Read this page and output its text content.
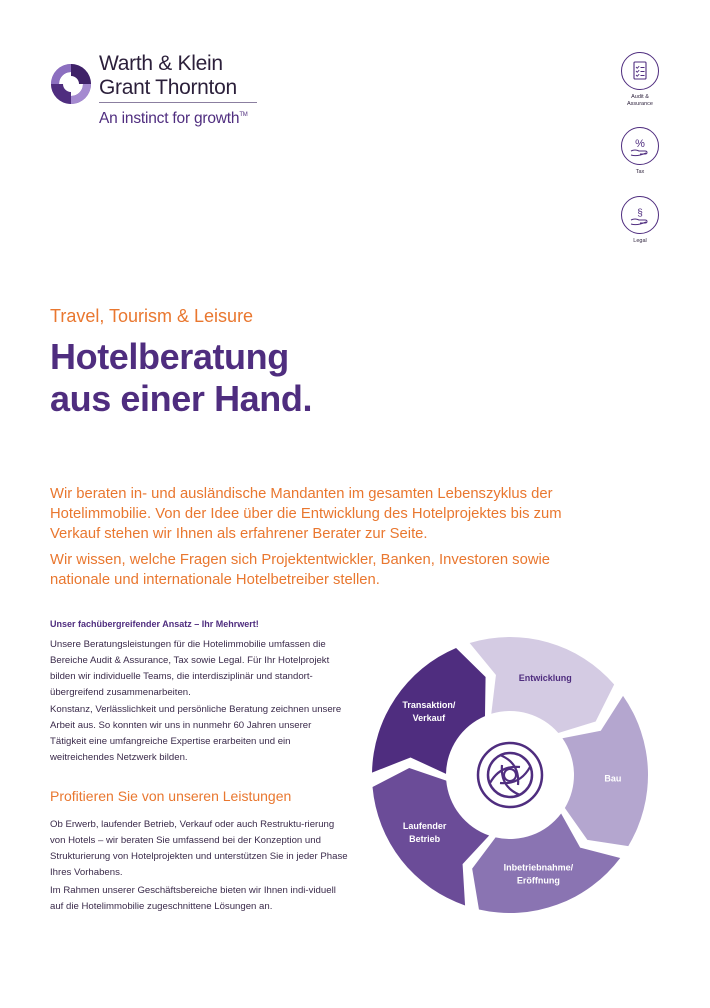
Warth & Klein
Grant Thornton
An instinct for growth™
Audit &
Assurance
%
Tax
§
Legal
Travel, Tourism & Leisure
Hotelberatung
aus einer Hand.
Wir beraten in- und ausländische Mandanten im gesamten Lebenszyklus der Hotelimmobilie. Von der Idee über die Entwicklung des Hotelprojektes bis zum Verkauf stehen wir Ihnen als erfahrener Berater zur Seite.
Wir wissen, welche Fragen sich Projektentwickler, Banken, Investoren sowie nationale und internationale Hotelbetreiber stellen.
Unser fachübergreifender Ansatz – Ihr Mehrwert!
Unsere Beratungsleistungen für die Hotelimmobilie umfassen die Bereiche Audit & Assurance, Tax sowie Legal. Für Ihr Hotelprojekt bilden wir individuelle Teams, die interdisziplinär und standort-übergreifend zusammenarbeiten.
Konstanz, Verlässlichkeit und persönliche Beratung zeichnen unsere Arbeit aus. So konnten wir uns in nunmehr 60 Jahren unserer Tätigkeit eine umfangreiche Expertise erarbeiten und ein weitreichendes Netzwerk bilden.
Profitieren Sie von unseren Leistungen
Ob Erwerb, laufender Betrieb, Verkauf oder auch Restruktu-rierung von Hotels – wir beraten Sie umfassend bei der Konzeption und Strukturierung von Hotelprojekten und unterstützen Sie in jeder Phase Ihres Vorhabens.
Im Rahmen unserer Geschäftsbereiche bieten wir Ihnen indi-viduell auf die Hotelimmobilie zugeschnittene Lösungen an.
Entwicklung
Bau
Inbetriebnahme/ Eröffnung
Laufender Betrieb
Transaktion/ Verkauf
